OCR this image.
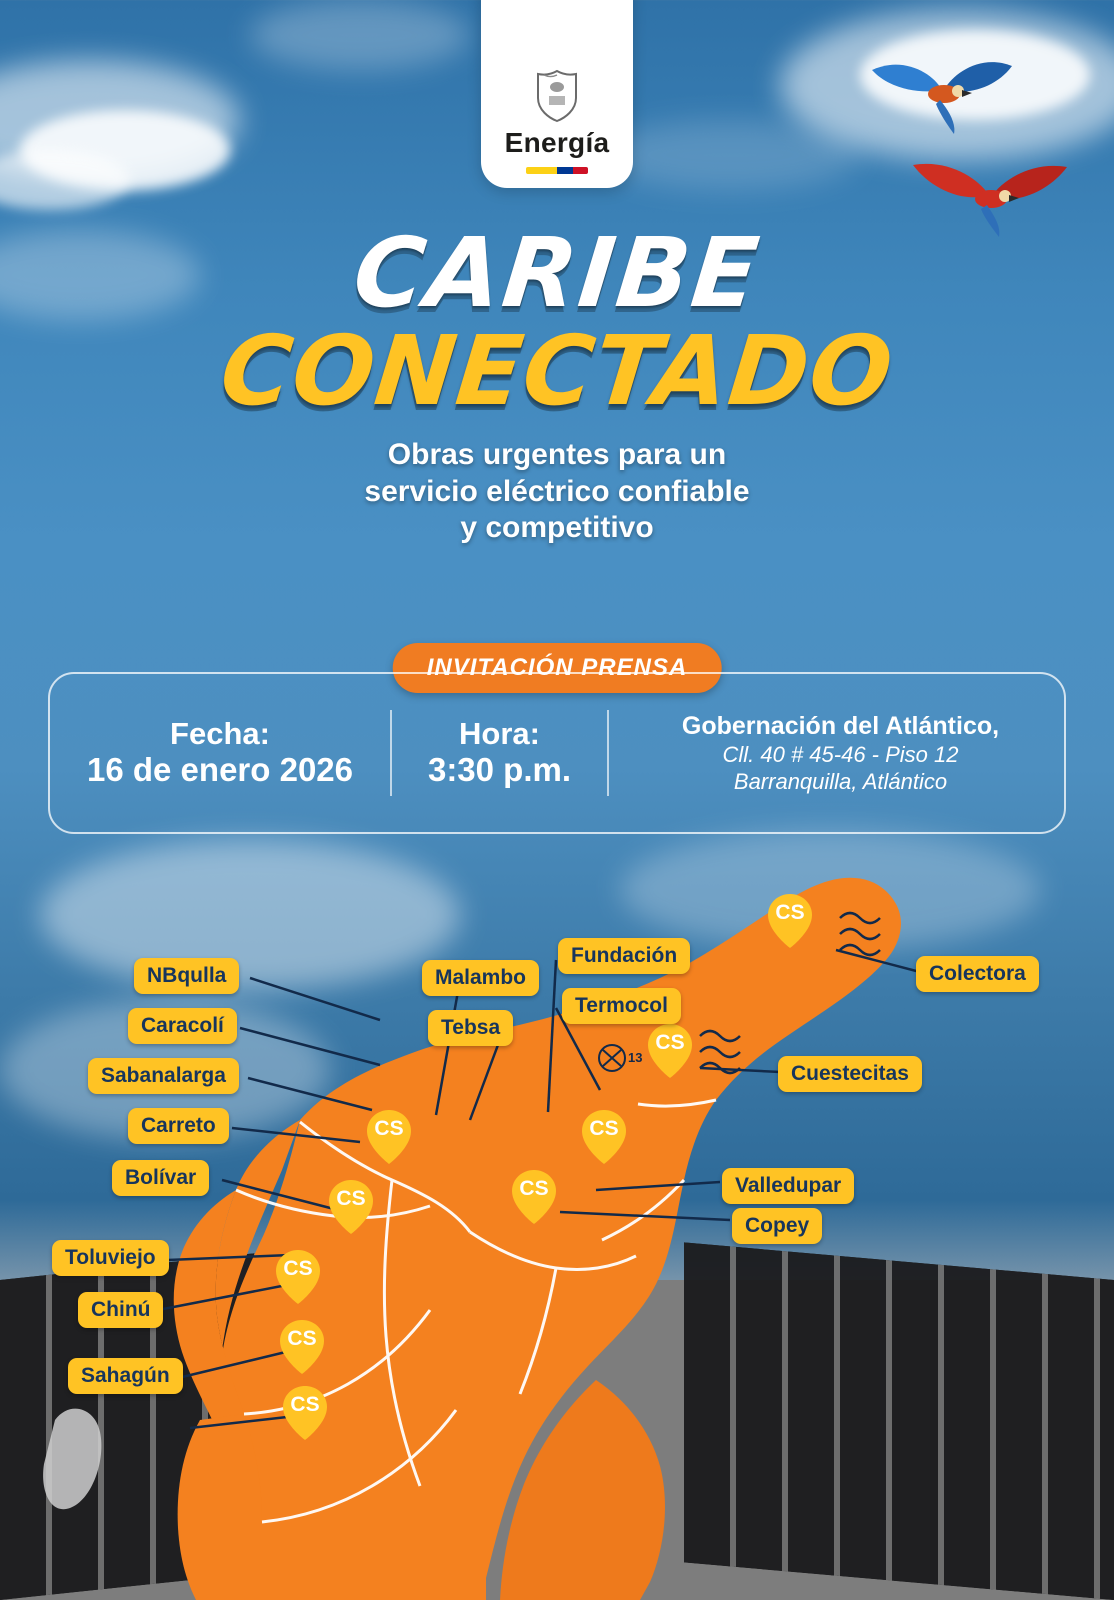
Energía
CARIBE
CONECTADO
Obras urgentes para un
servicio eléctrico confiable
y competitivo
INVITACIÓN PRENSA
Fecha:
16 de enero 2026
Hora:
3:30 p.m.
Gobernación del Atlántico,
Cll. 40 # 45-46 - Piso 12
Barranquilla, Atlántico
13
CS
CS
CS
CS
CS
CS
CS
CS
CS
NBqulla
Caracolí
Sabanalarga
Carreto
Bolívar
Toluviejo
Chinú
Sahagún
Malambo
Tebsa
Fundación
Termocol
Colectora
Cuestecitas
Valledupar
Copey
